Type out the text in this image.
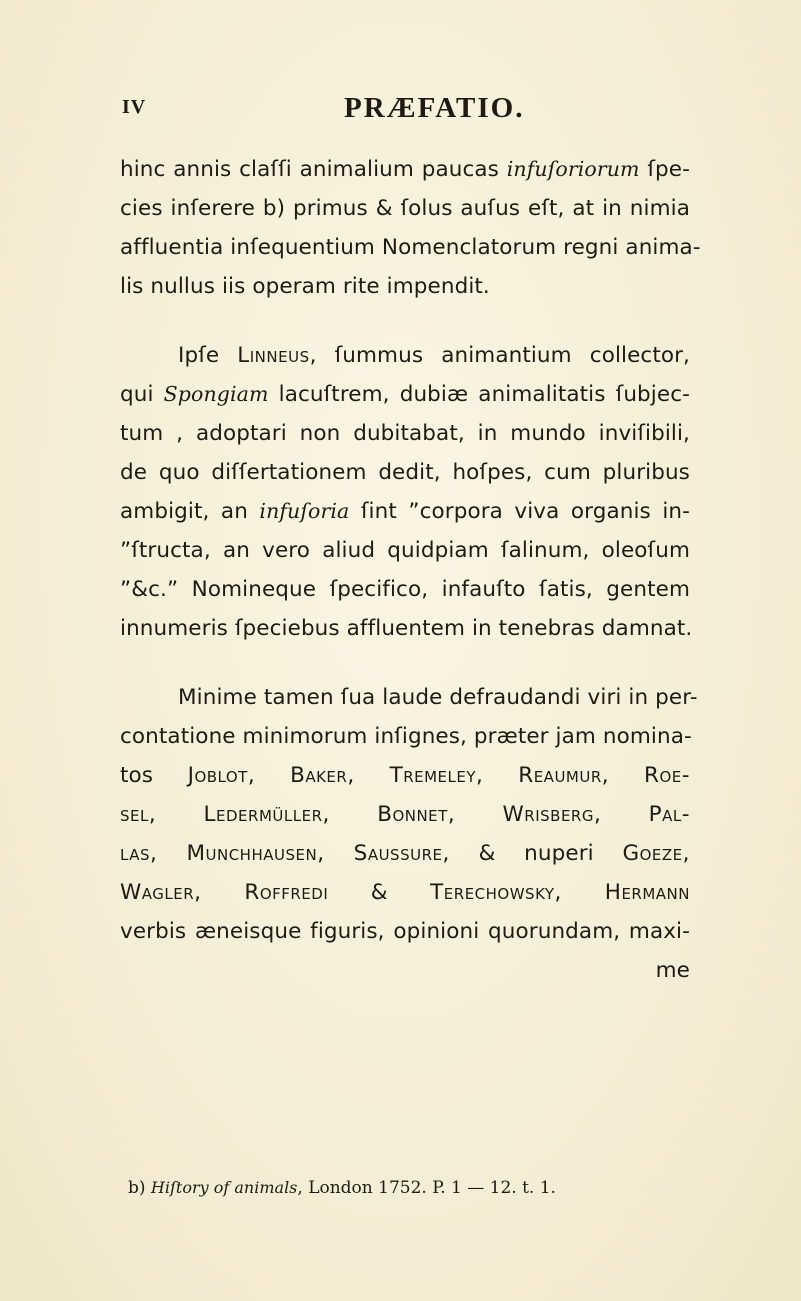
IV	PRÆFATIO.
hinc annis claſſi animalium paucas infuſoriorum ſpe-
cies inſerere b) primus & ſolus auſus eſt, at in nimia
affluentia inſequentium Nomenclatorum regni anima-
lis nullus iis operam rite impendit.
Ipſe Linneus, ſummus animantium collector,
qui Spongiam lacuſtrem, dubiæ animalitatis ſubjec-
tum , adoptari non dubitabat, in mundo inviſibili,
de quo diſſertationem dedit, hoſpes, cum pluribus
ambigit, an infuſoria ſint ”corpora viva organis in-
”ſtructa, an vero aliud quidpiam ſalinum, oleoſum
”&c.” Nomineque ſpecifico, infauſto ſatis, gentem
innumeris ſpeciebus affluentem in tenebras damnat.
Minime tamen ſua laude defraudandi viri in per-
contatione minimorum inſignes, præter jam nomina-
tos Joblot, Baker, Tremeley, Reaumur, Roe-
sel, Ledermüller, Bonnet, Wrisberg, Pal-
las, Munchhausen, Saussure, & nuperi Goeze,
Wagler, Roffredi & Terechowsky, Hermann
verbis æneisque figuris, opinioni quorundam, maxi-
me
b) Hiſtory of animals, London 1752. P. 1 — 12. t. 1.
